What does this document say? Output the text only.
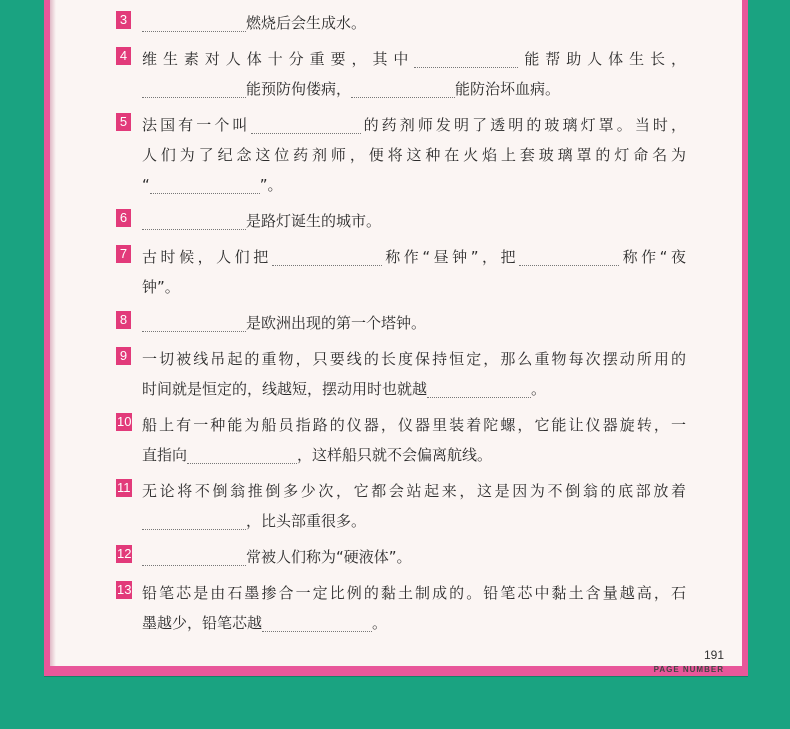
3	燃烧后会生成水。
4 维生素对人体十分重要，其中	能帮助人体生长，
能预防佝偻病，	能防治坏血病。
5 法国有一个叫	的药剂师发明了透明的玻璃灯罩。当时，
人们为了纪念这位药剂师，便将这种在火焰上套玻璃罩的灯命名为
“	”。
6	是路灯诞生的城市。
7 古时候，人们把	称作“昼钟”，把	称作“夜
钟”。
8	是欧洲出现的第一个塔钟。
9 一切被线吊起的重物，只要线的长度保持恒定，那么重物每次摆动所用的
时间就是恒定的，线越短，摆动用时也就越	。
10 船上有一种能为船员指路的仪器，仪器里装着陀螺，它能让仪器旋转，一
直指向	，这样船只就不会偏离航线。
11 无论将不倒翁推倒多少次，它都会站起来，这是因为不倒翁的底部放着
，比头部重很多。
12	常被人们称为“硬液体”。
13 铅笔芯是由石墨掺合一定比例的黏土制成的。铅笔芯中黏土含量越高，石
墨越少，铅笔芯越	。
191
PAGE NUMBER
